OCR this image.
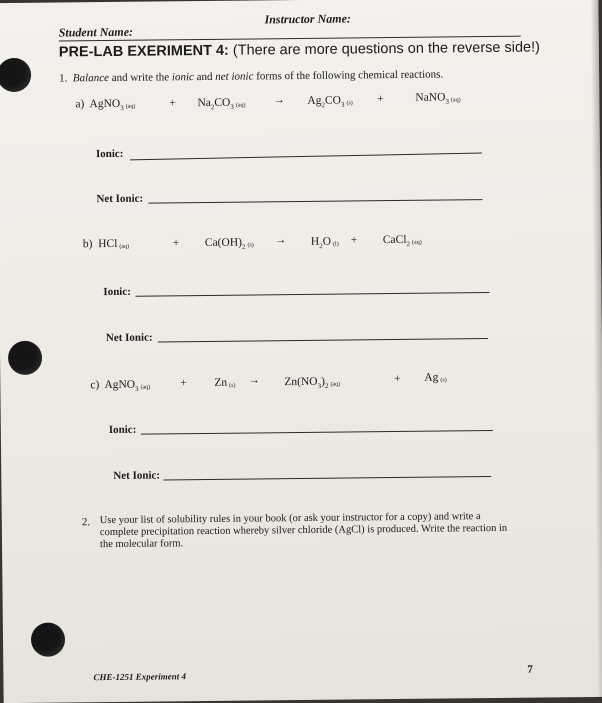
Student Name:
Instructor Name:
PRE-LAB EXERIMENT 4: (There are more questions on the reverse side!)
1. Balance and write the ionic and net ionic forms of the following chemical reactions.
a) AgNO$_3$ (aq)	+ $Na_2CO_3$ $(aq) \to Ag_2CO_3$ (s) +	NaNO$_3$ (aq)
Ionic:
Net Ionic:
b) HCl (aq)	+ $Ca(OH)_2$ $(s) \to H_2O$ (l) + CaCl$_2$ (aq)
Ionic:
Net Ionic:
c) AgNO$_3$ (aq)	+ Zn $(s) \to Zn(NO_3)_2$ (aq)	+ Ag (s)
Ionic:
Net Ionic:
2. Use your list of solubility rules in your book (or ask your instructor for a copy) and write a complete precipitation reaction whereby silver chloride (AgCl) is produced. Write the reaction in the molecular form.
CHE-1251 Experiment 4
7
